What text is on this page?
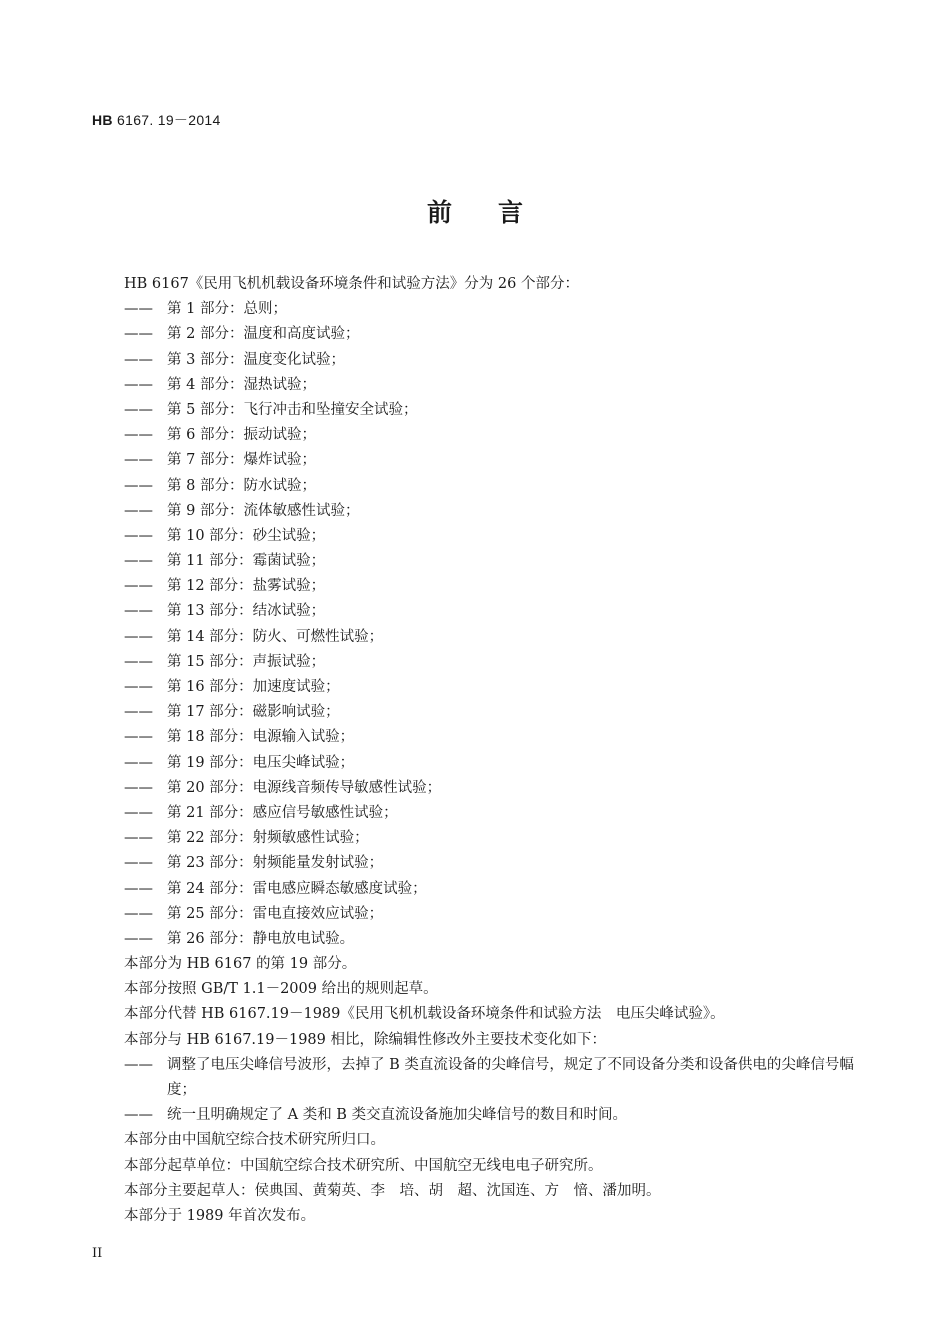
HB 6167. 19－2014
前言
HB 6167《民用飞机机载设备环境条件和试验方法》分为 26 个部分：
—— 第 1 部分：总则；
—— 第 2 部分：温度和高度试验；
—— 第 3 部分：温度变化试验；
—— 第 4 部分：湿热试验；
—— 第 5 部分：飞行冲击和坠撞安全试验；
—— 第 6 部分：振动试验；
—— 第 7 部分：爆炸试验；
—— 第 8 部分：防水试验；
—— 第 9 部分：流体敏感性试验；
—— 第 10 部分：砂尘试验；
—— 第 11 部分：霉菌试验；
—— 第 12 部分：盐雾试验；
—— 第 13 部分：结冰试验；
—— 第 14 部分：防火、可燃性试验；
—— 第 15 部分：声振试验；
—— 第 16 部分：加速度试验；
—— 第 17 部分：磁影响试验；
—— 第 18 部分：电源输入试验；
—— 第 19 部分：电压尖峰试验；
—— 第 20 部分：电源线音频传导敏感性试验；
—— 第 21 部分：感应信号敏感性试验；
—— 第 22 部分：射频敏感性试验；
—— 第 23 部分：射频能量发射试验；
—— 第 24 部分：雷电感应瞬态敏感度试验；
—— 第 25 部分：雷电直接效应试验；
—— 第 26 部分：静电放电试验。
本部分为 HB 6167 的第 19 部分。
本部分按照 GB/T 1.1－2009 给出的规则起草。
本部分代替 HB 6167.19－1989《民用飞机机载设备环境条件和试验方法　电压尖峰试验》。
本部分与 HB 6167.19－1989 相比，除编辑性修改外主要技术变化如下：
—— 调整了电压尖峰信号波形，去掉了 B 类直流设备的尖峰信号，规定了不同设备分类和设备供电的尖峰信号幅度；
—— 统一且明确规定了 A 类和 B 类交直流设备施加尖峰信号的数目和时间。
本部分由中国航空综合技术研究所归口。
本部分起草单位：中国航空综合技术研究所、中国航空无线电电子研究所。
本部分主要起草人：侯典国、黄菊英、李　培、胡　超、沈国连、方　愔、潘加明。
本部分于 1989 年首次发布。
II
